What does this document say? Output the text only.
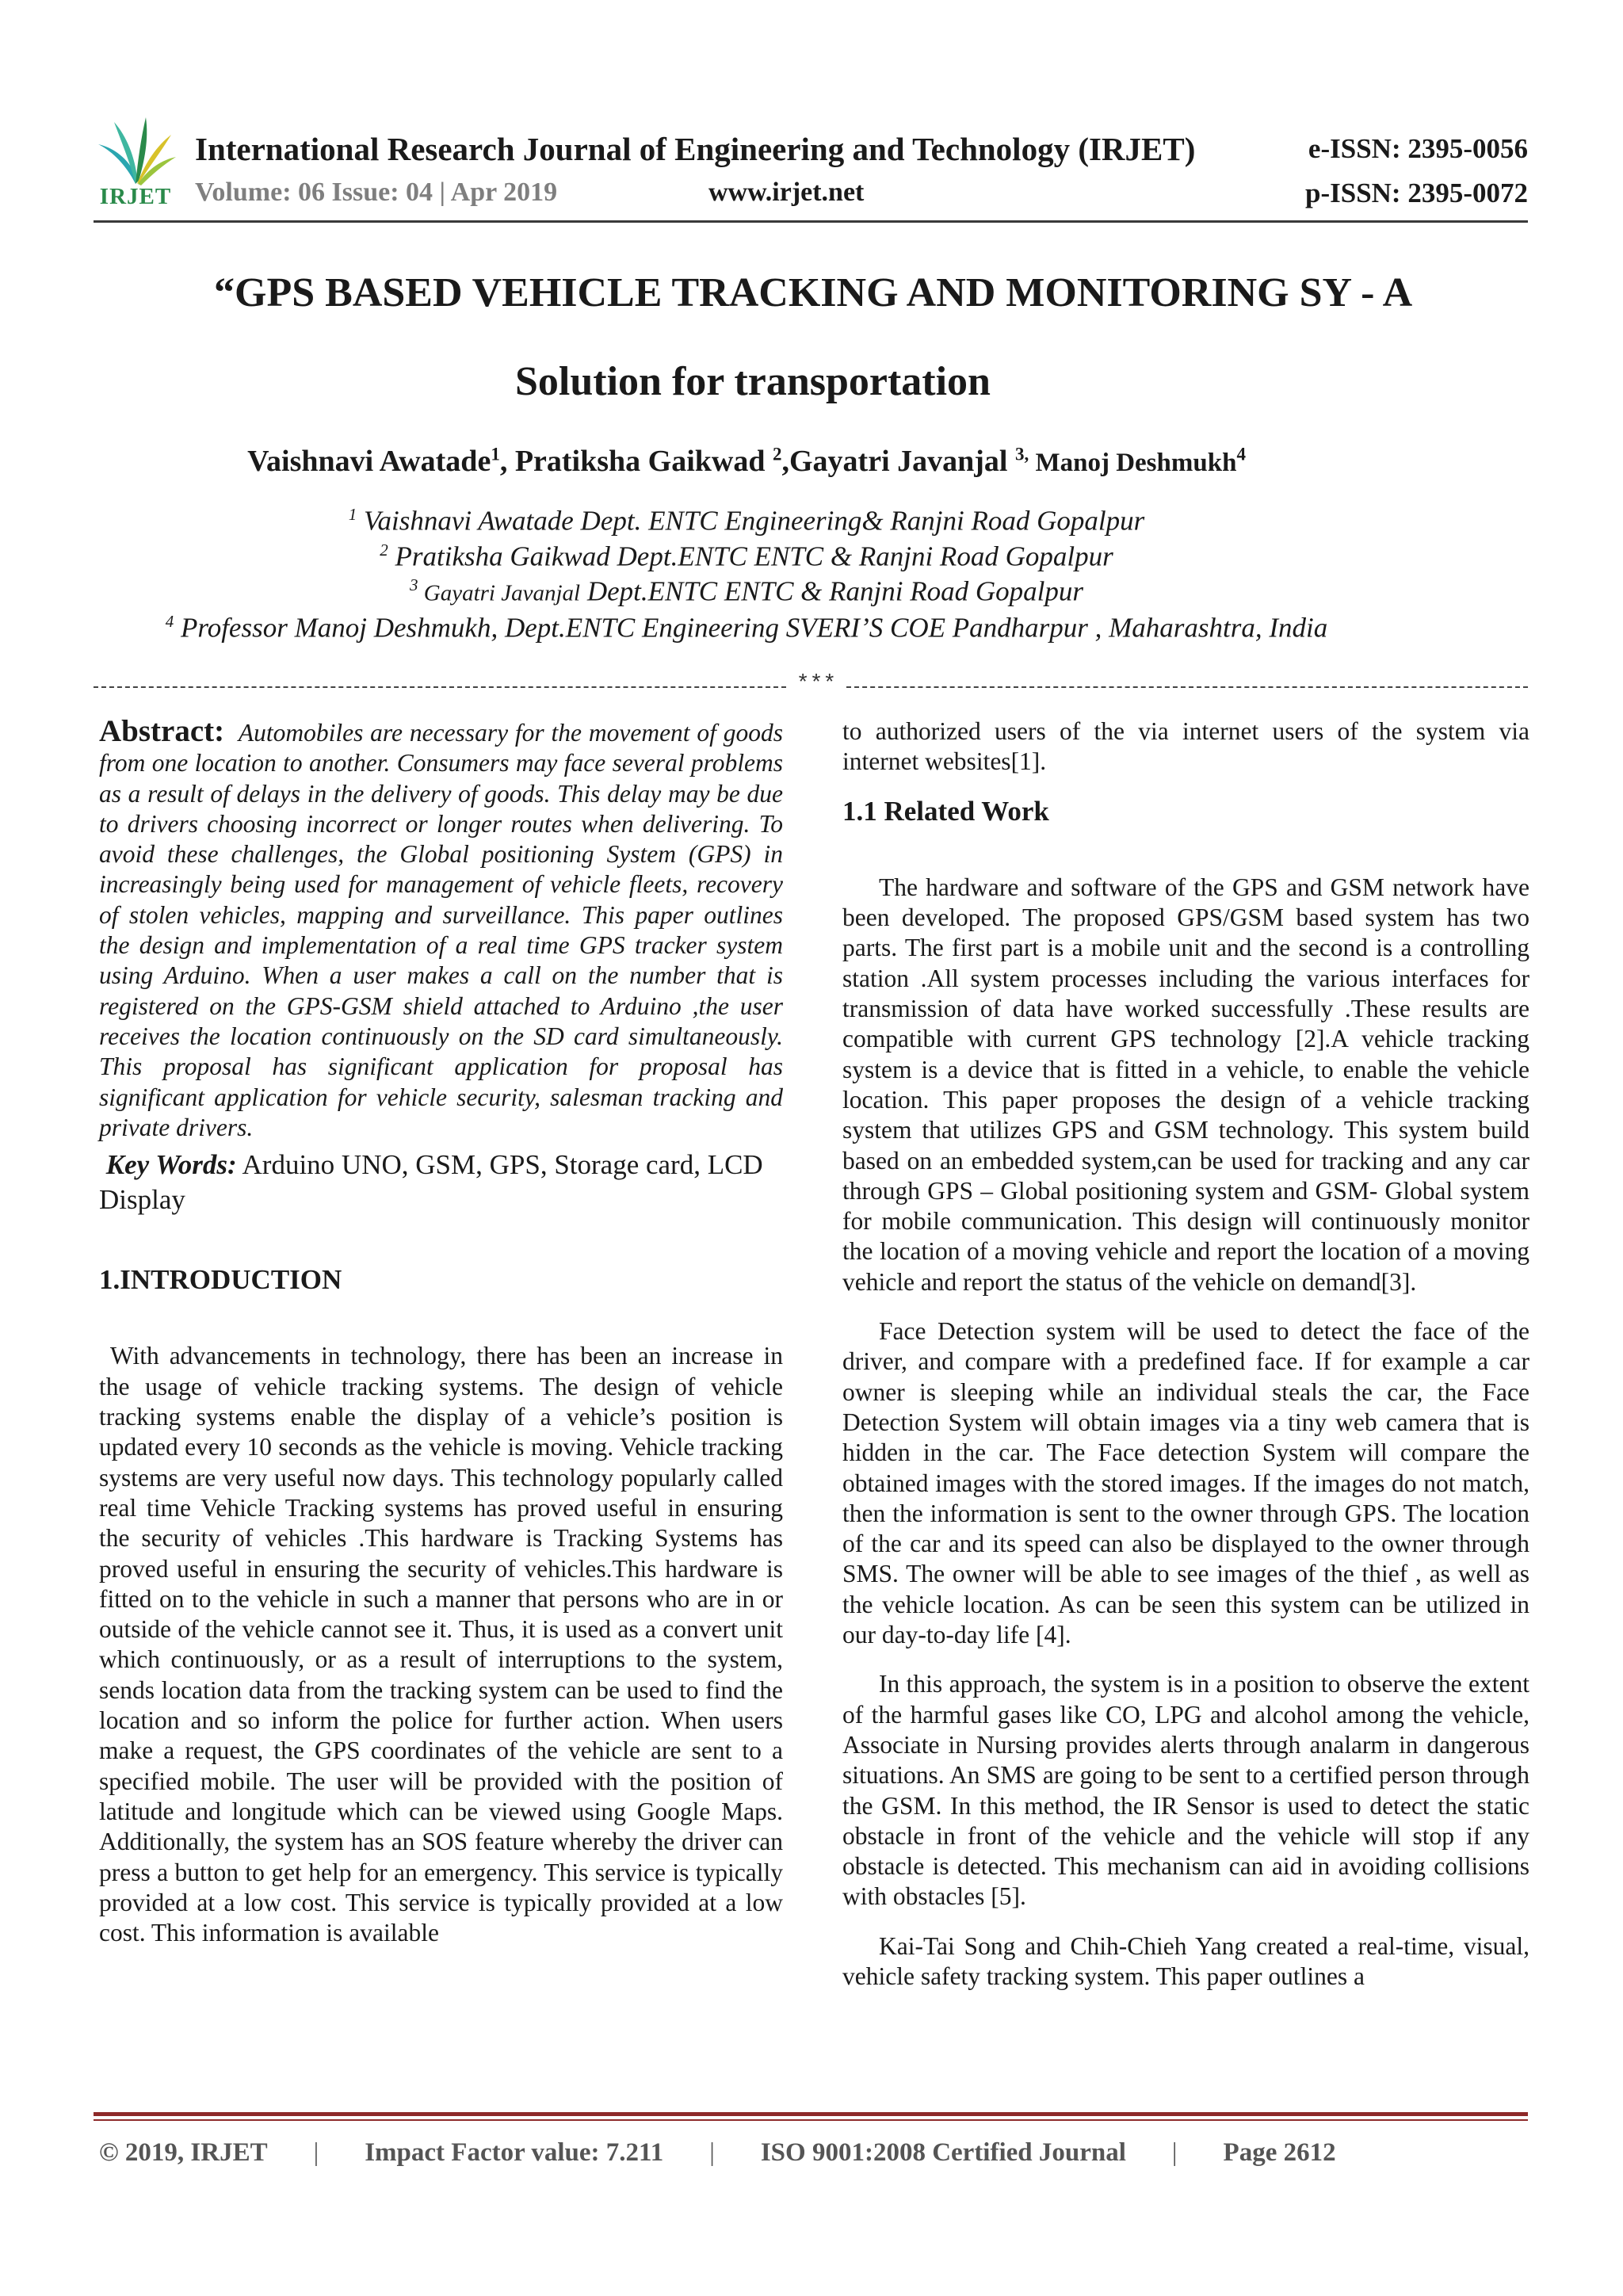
IRJET
International Research Journal of Engineering and Technology (IRJET)
Volume: 06 Issue: 04 | Apr 2019	www.irjet.net
e-ISSN: 2395-0056
p-ISSN: 2395-0072
“GPS BASED VEHICLE TRACKING AND MONITORING SY - A
Solution for transportation
Vaishnavi Awatade$^1$, Pratiksha Gaikwad $^2$,Gayatri Javanjal $^{3,}$ Manoj Deshmukh$^4$
$^1$ Vaishnavi Awatade Dept. ENTC Engineering& Ranjni Road Gopalpur
$^2$ Pratiksha Gaikwad Dept.ENTC ENTC & Ranjni Road Gopalpur
$^3$ Gayatri Javanjal Dept.ENTC ENTC & Ranjni Road Gopalpur
$^4$ Professor Manoj Deshmukh, Dept.ENTC Engineering SVERI’S COE Pandharpur , Maharashtra, India
***

Abstract: Automobiles are necessary for the movement of goods from one location to another. Consumers may face several problems as a result of delays in the delivery of goods. This delay may be due to drivers choosing incorrect or longer routes when delivering. To avoid these challenges, the Global positioning System (GPS) in increasingly being used for management of vehicle fleets, recovery of stolen vehicles, mapping and surveillance. This paper outlines the design and implementation of a real time GPS tracker system using Arduino. When a user makes a call on the number that is registered on the GPS-GSM shield attached to Arduino ,the user receives the location continuously on the SD card simultaneously. This proposal has significant application for proposal has significant application for vehicle security, salesman tracking and private drivers.

Key Words: Arduino UNO, GSM, GPS, Storage card, LCD Display

1.INTRODUCTION

With advancements in technology, there has been an increase in the usage of vehicle tracking systems. The design of vehicle tracking systems enable the display of a vehicle’s position is updated every 10 seconds as the vehicle is moving. Vehicle tracking systems are very useful now days. This technology popularly called real time Vehicle Tracking systems has proved useful in ensuring the security of vehicles .This hardware is Tracking Systems has proved useful in ensuring the security of vehicles.This hardware is fitted on to the vehicle in such a manner that persons who are in or outside of the vehicle cannot see it. Thus, it is used as a convert unit which continuously, or as a result of interruptions to the system, sends location data from the tracking system can be used to find the location and so inform the police for further action. When users make a request, the GPS coordinates of the vehicle are sent to a specified mobile. The user will be provided with the position of latitude and longitude which can be viewed using Google Maps. Additionally, the system has an SOS feature whereby the driver can press a button to get help for an emergency. This service is typically provided at a low cost. This service is typically provided at a low cost. This information is available

to authorized users of the via internet users of the system via internet websites[1].

1.1 Related Work

The hardware and software of the GPS and GSM network have been developed. The proposed GPS/GSM based system has two parts. The first part is a mobile unit and the second is a controlling station .All system processes including the various interfaces for transmission of data have worked successfully .These results are compatible with current GPS technology [2].A vehicle tracking system is a device that is fitted in a vehicle, to enable the vehicle location. This paper proposes the design of a vehicle tracking system that utilizes GPS and GSM technology. This system build based on an embedded system,can be used for tracking and any car through GPS – Global positioning system and GSM- Global system for mobile communication. This design will continuously monitor the location of a moving vehicle and report the location of a moving vehicle and report the status of the vehicle on demand[3].

Face Detection system will be used to detect the face of the driver, and compare with a predefined face. If for example a car owner is sleeping while an individual steals the car, the Face Detection System will obtain images via a tiny web camera that is hidden in the car. The Face detection System will compare the obtained images with the stored images. If the images do not match, then the information is sent to the owner through GPS. The location of the car and its speed can also be displayed to the owner through SMS. The owner will be able to see images of the thief , as well as the vehicle location. As can be seen this system can be utilized in our day-to-day life [4].

In this approach, the system is in a position to observe the extent of the harmful gases like CO, LPG and alcohol among the vehicle, Associate in Nursing provides alerts through analarm in dangerous situations. An SMS are going to be sent to a certified person through the GSM. In this method, the IR Sensor is used to detect the static obstacle in front of the vehicle and the vehicle will stop if any obstacle is detected. This mechanism can aid in avoiding collisions with obstacles [5].

Kai-Tai Song and Chih-Chieh Yang created a real-time, visual, vehicle safety tracking system. This paper outlines a

© 2019, IRJET | Impact Factor value: 7.211 | ISO 9001:2008 Certified Journal | Page 2612
